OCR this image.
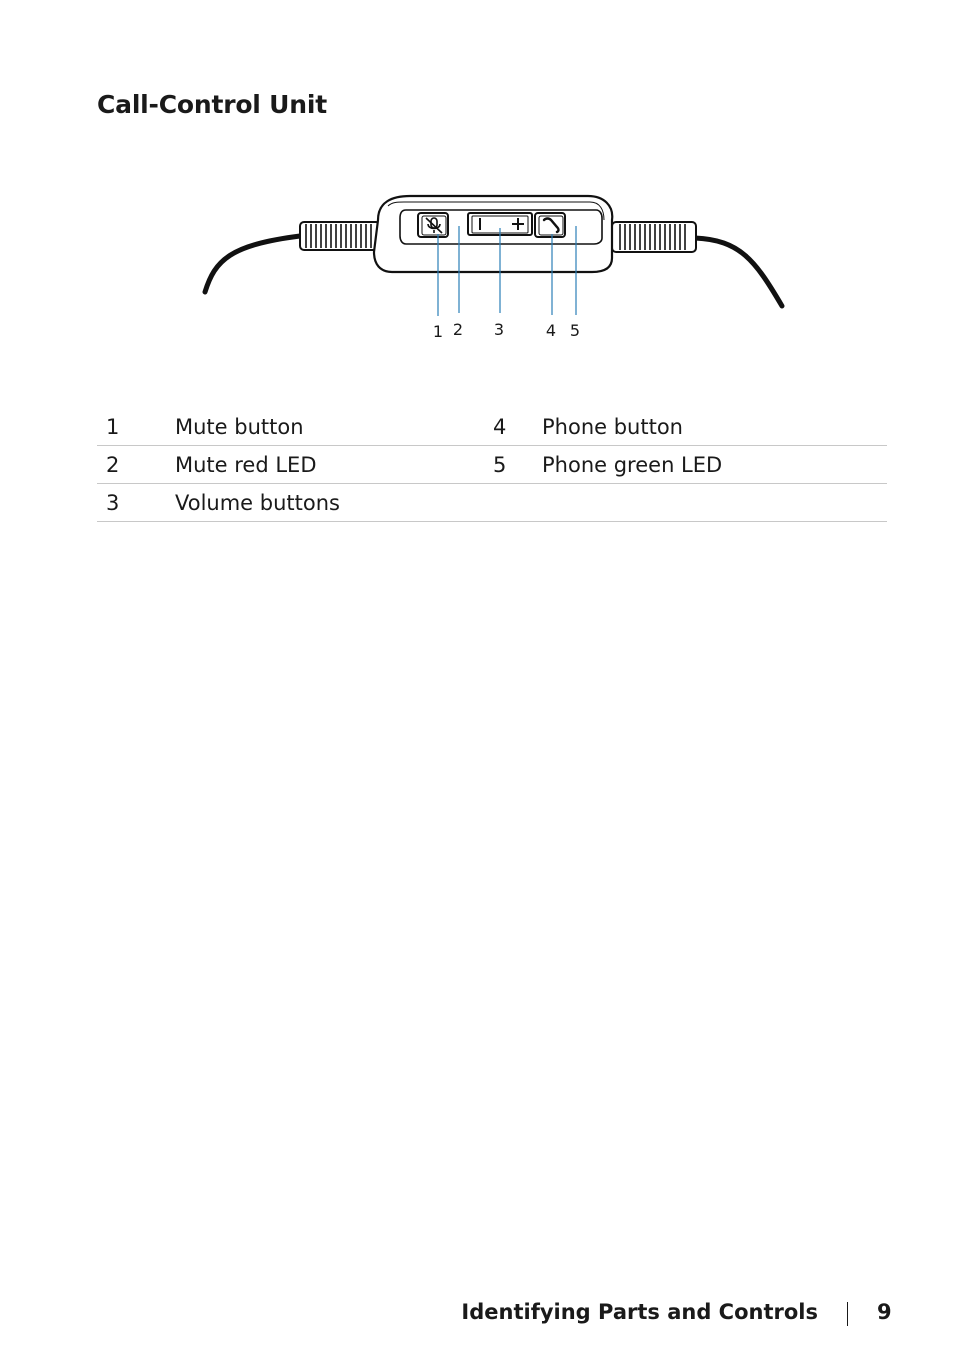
Call-Control Unit
1 2 3	4 5
1	Mute button	4	Phone button
2	Mute red LED	5	Phone green LED
3	Volume buttons		
Identifying Parts and Controls	9
